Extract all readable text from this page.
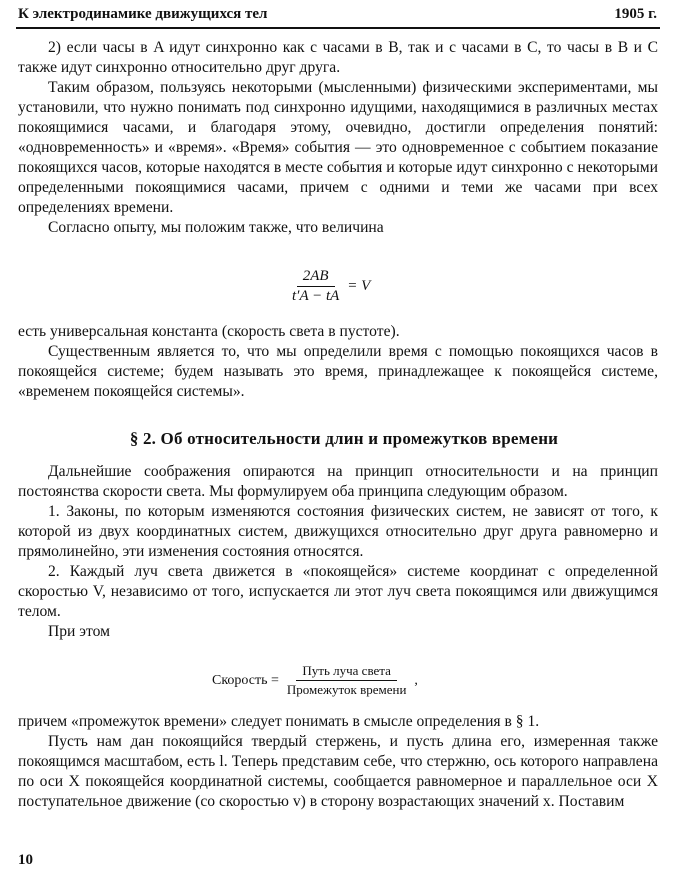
К электродинамике движущихся тел	1905 г.

2) если часы в A идут синхронно как с часами в B, так и с часами в C, то часы в B и C также идут синхронно относительно друг друга.

Таким образом, пользуясь некоторыми (мысленными) физическими экспериментами, мы установили, что нужно понимать под синхронно идущими, находящимися в различных местах покоящимися часами, и благодаря этому, очевидно, достигли определения понятий: «одновременность» и «время». «Время» события — это одновременное с событием показание покоящихся часов, которые находятся в месте события и которые идут синхронно с некоторыми определенными покоящимися часами, причем с одними и теми же часами при всех определениях времени.

Согласно опыту, мы положим также, что величина

$\frac{2AB}{t'A - tA} = V$

есть универсальная константа (скорость света в пустоте).

Существенным является то, что мы определили время с помощью покоящихся часов в покоящейся системе; будем называть это время, принадлежащее к покоящейся системе, «временем покоящейся системы».

§ 2. Об относительности длин и промежутков времени

Дальнейшие соображения опираются на принцип относительности и на принцип постоянства скорости света. Мы формулируем оба принципа следующим образом.

1. Законы, по которым изменяются состояния физических систем, не зависят от того, к которой из двух координатных систем, движущихся относительно друг друга равномерно и прямолинейно, эти изменения состояния относятся.

2. Каждый луч света движется в «покоящейся» системе координат с определенной скоростью V, независимо от того, испускается ли этот луч света покоящимся или движущимся телом.

При этом

Скорость = $\frac{\text{Путь луча света}}{\text{Промежуток времени}}$ ,

причем «промежуток времени» следует понимать в смысле определения в § 1.

Пусть нам дан покоящийся твердый стержень, и пусть длина его, измеренная также покоящимся масштабом, есть l. Теперь представим себе, что стержню, ось которого направлена по оси X покоящейся координатной системы, сообщается равномерное и параллельное оси X поступательное движение (со скоростью v) в сторону возрастающих значений x. Поставим

10
